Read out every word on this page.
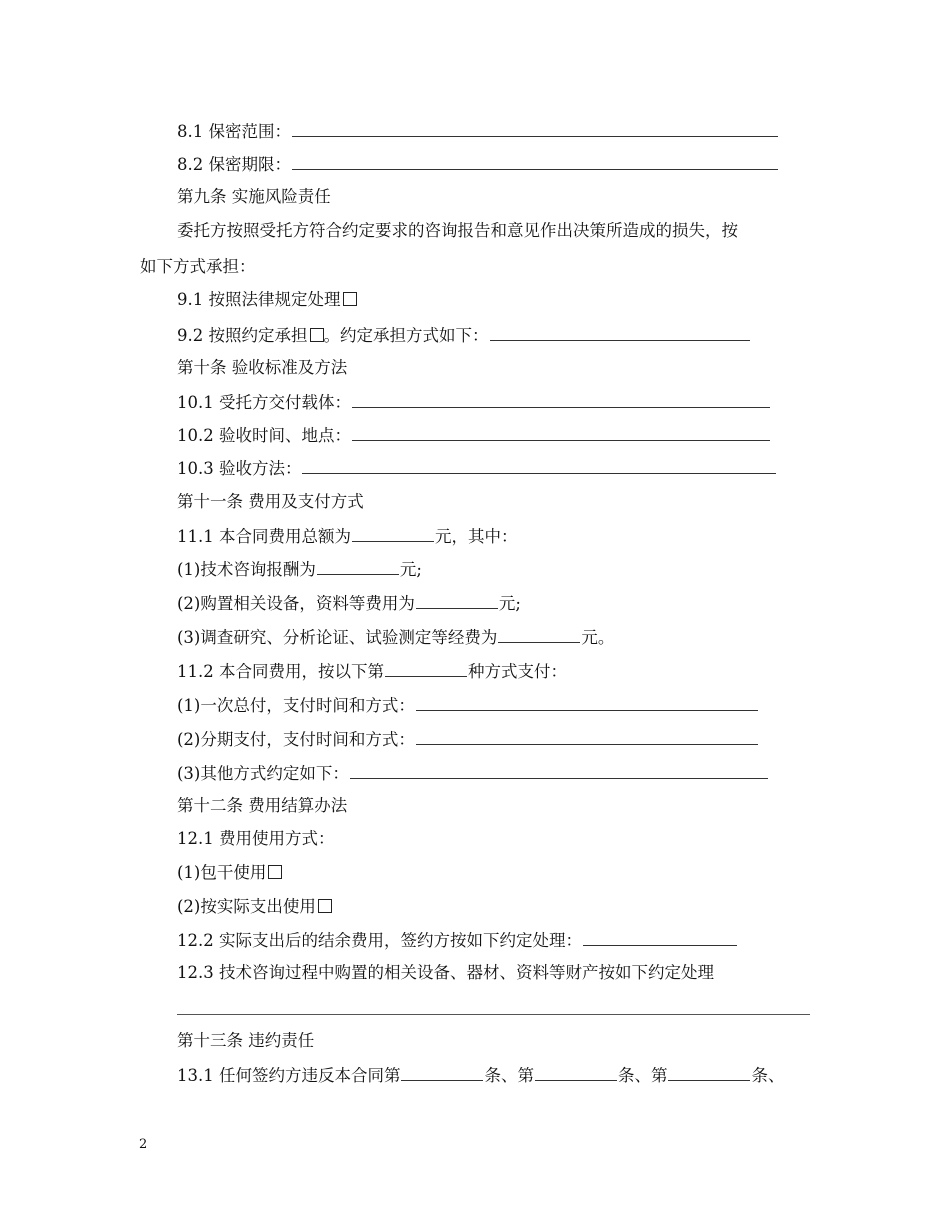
8.1 保密范围：
8.2 保密期限：
第九条 实施风险责任
委托方按照受托方符合约定要求的咨询报告和意见作出决策所造成的损失，按
如下方式承担：
9.1 按照法律规定处理
9.2 按照约定承担 。约定承担方式如下：
第十条 验收标准及方法
10.1 受托方交付载体：
10.2 验收时间、地点：
10.3 验收方法：
第十一条 费用及支付方式
11.1 本合同费用总额为	元，其中：
(1)技术咨询报酬为	元;
(2)购置相关设备，资料等费用为	元;
(3)调查研究、分析论证、试验测定等经费为	元。
11.2 本合同费用，按以下第	种方式支付：
(1)一次总付，支付时间和方式：
(2)分期支付，支付时间和方式：
(3)其他方式约定如下：
第十二条 费用结算办法
12.1 费用使用方式：
(1)包干使用
(2)按实际支出使用
12.2 实际支出后的结余费用，签约方按如下约定处理：
12.3 技术咨询过程中购置的相关设备、器材、资料等财产按如下约定处理
第十三条 违约责任
13.1 任何签约方违反本合同第	条、第	条、第	条、
2
